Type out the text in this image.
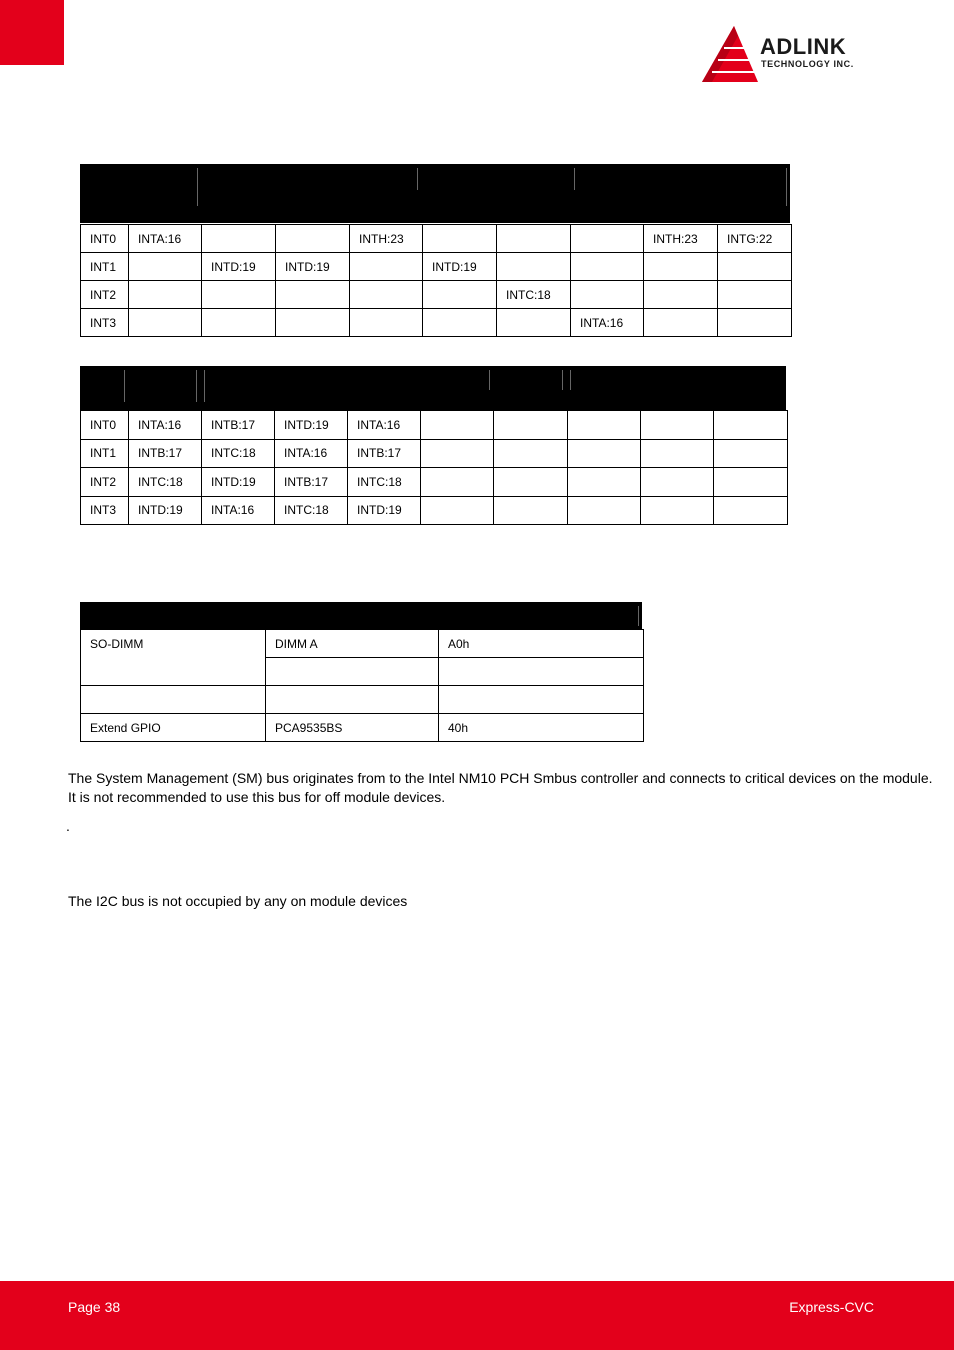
ADLINK
TECHNOLOGY INC.
INT0	INTA:16			INTH:23				INTH:23	INTG:22
INT1		INTD:19	INTD:19		INTD:19				
INT2						INTC:18			
INT3							INTA:16		
INT0	INTA:16	INTB:17	INTD:19	INTA:16					
INT1	INTB:17	INTC:18	INTA:16	INTB:17					
INT2	INTC:18	INTD:19	INTB:17	INTC:18					
INT3	INTD:19	INTA:16	INTC:18	INTD:19					
SO-DIMM	DIMM A	A0h

Extend GPIO	PCA9535BS	40h
The System Management (SM) bus originates from to the Intel NM10 PCH Smbus controller and connects to critical devices on the module.
It is not recommended to use this bus for off module devices.
.
The I2C bus is not occupied by any on module devices
Page 38	Express-CVC
